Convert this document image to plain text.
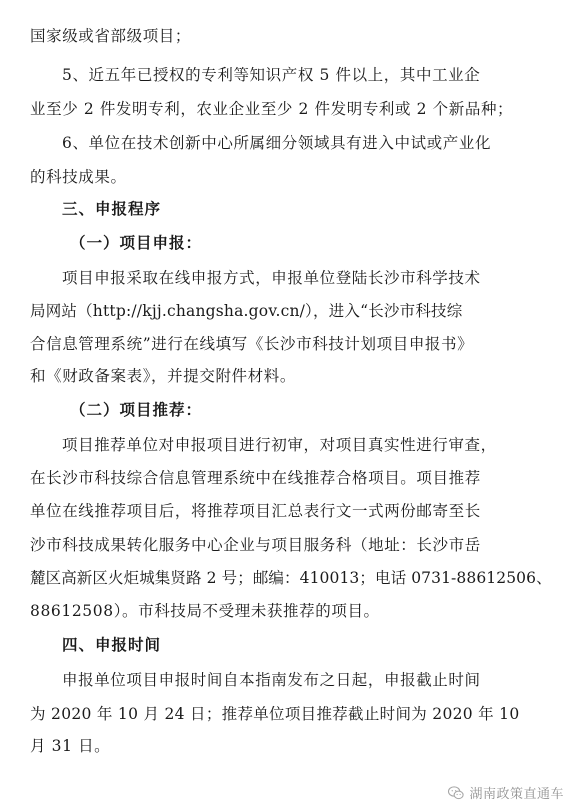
国家级或省部级项目；
5、近五年已授权的专利等知识产权 5 件以上，其中工业企
业至少 2 件发明专利，农业企业至少 2 件发明专利或 2 个新品种；
6、单位在技术创新中心所属细分领域具有进入中试或产业化
的科技成果。
三、申报程序
（一）项目申报：
项目申报采取在线申报方式，申报单位登陆长沙市科学技术
局网站（http://kjj.changsha.gov.cn/），进入“长沙市科技综
合信息管理系统”进行在线填写《长沙市科技计划项目申报书》
和《财政备案表》，并提交附件材料。
（二）项目推荐：
项目推荐单位对申报项目进行初审，对项目真实性进行审查，
在长沙市科技综合信息管理系统中在线推荐合格项目。项目推荐
单位在线推荐项目后，将推荐项目汇总表行文一式两份邮寄至长
沙市科技成果转化服务中心企业与项目服务科（地址：长沙市岳
麓区高新区火炬城集贤路 2 号；邮编：410013；电话 0731-88612506、
88612508）。市科技局不受理未获推荐的项目。
四、申报时间
申报单位项目申报时间自本指南发布之日起，申报截止时间
为 2020 年 10 月 24 日；推荐单位项目推荐截止时间为 2020 年 10
月 31 日。
湖南政策直通车
